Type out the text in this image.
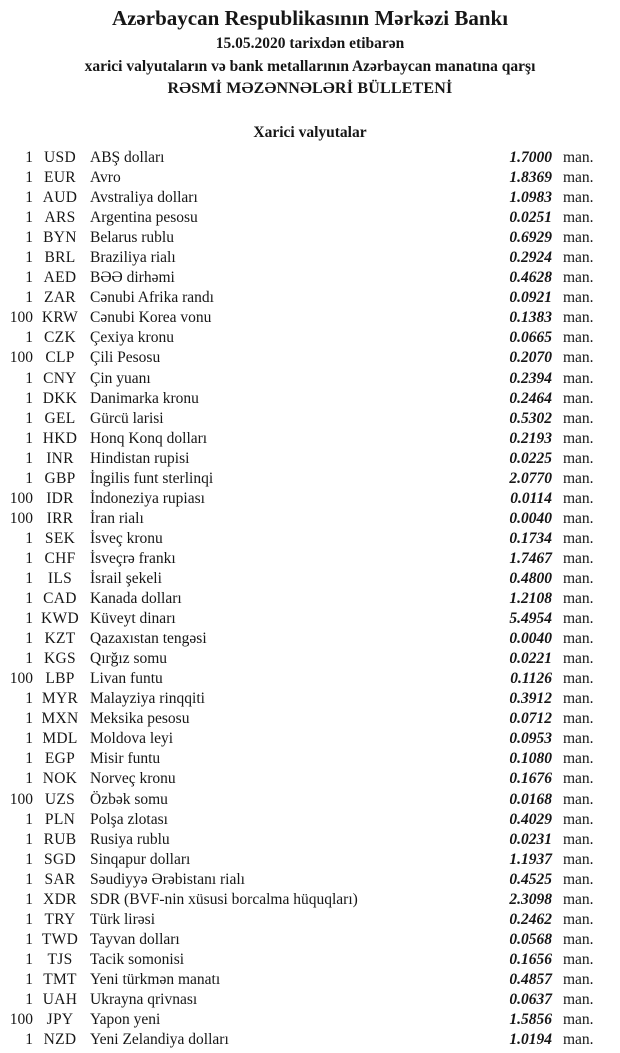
Azərbaycan Respublikasının Mərkəzi Bankı
15.05.2020 tarixdən etibarən
xarici valyutaların və bank metallarının Azərbaycan manatına qarşı
RƏSMİ MƏZƏNNƏLƏRİ BÜLLETENİ
Xarici valyutalar
1 USD ABŞ dolları	1.7000 man.
1 EUR Avro	1.8369 man.
1 AUD Avstraliya dolları	1.0983 man.
1 ARS Argentina pesosu	0.0251 man.
1 BYN Belarus rublu	0.6929 man.
1 BRL Braziliya rialı	0.2924 man.
1 AED BƏƏ dirhəmi	0.4628 man.
1 ZAR Cənubi Afrika randı	0.0921 man.
100 KRW Cənubi Korea vonu	0.1383 man.
1 CZK Çexiya kronu	0.0665 man.
100 CLP Çili Pesosu	0.2070 man.
1 CNY Çin yuanı	0.2394 man.
1 DKK Danimarka kronu	0.2464 man.
1 GEL Gürcü larisi	0.5302 man.
1 HKD Honq Konq dolları	0.2193 man.
1 INR	Hindistan rupisi	0.0225 man.
1 GBP İngilis funt sterlinqi	2.0770 man.
100 IDR	İndoneziya rupiası	0.0114 man.
100 IRR	İran rialı	0.0040 man.
1 SEK İsveç kronu	0.1734 man.
1 CHF İsveçrə frankı	1.7467 man.
1 ILS	İsrail şekeli	0.4800 man.
1 CAD Kanada dolları	1.2108 man.
1 KWD Küveyt dinarı	5.4954 man.
1 KZT Qazaxıstan tengəsi	0.0040 man.
1 KGS Qırğız somu	0.0221 man.
100 LBP Livan funtu	0.1126 man.
1 MYR Malayziya rinqqiti	0.3912 man.
1 MXN Meksika pesosu	0.0712 man.
1 MDL Moldova leyi	0.0953 man.
1 EGP Misir funtu	0.1080 man.
1 NOK Norveç kronu	0.1676 man.
100 UZS Özbək somu	0.0168 man.
1 PLN Polşa zlotası	0.4029 man.
1 RUB Rusiya rublu	0.0231 man.
1 SGD Sinqapur dolları	1.1937 man.
1 SAR Səudiyyə Ərəbistanı rialı	0.4525 man.
1 XDR SDR (BVF-nin xüsusi borcalma hüquqları)	2.3098 man.
1 TRY Türk lirəsi	0.2462 man.
1 TWD Tayvan dolları	0.0568 man.
1 TJS	Tacik somonisi	0.1656 man.
1 TMT Yeni türkmən manatı	0.4857 man.
1 UAH Ukrayna qrivnası	0.0637 man.
100 JPY	Yapon yeni	1.5856 man.
1 NZD Yeni Zelandiya dolları	1.0194 man.
